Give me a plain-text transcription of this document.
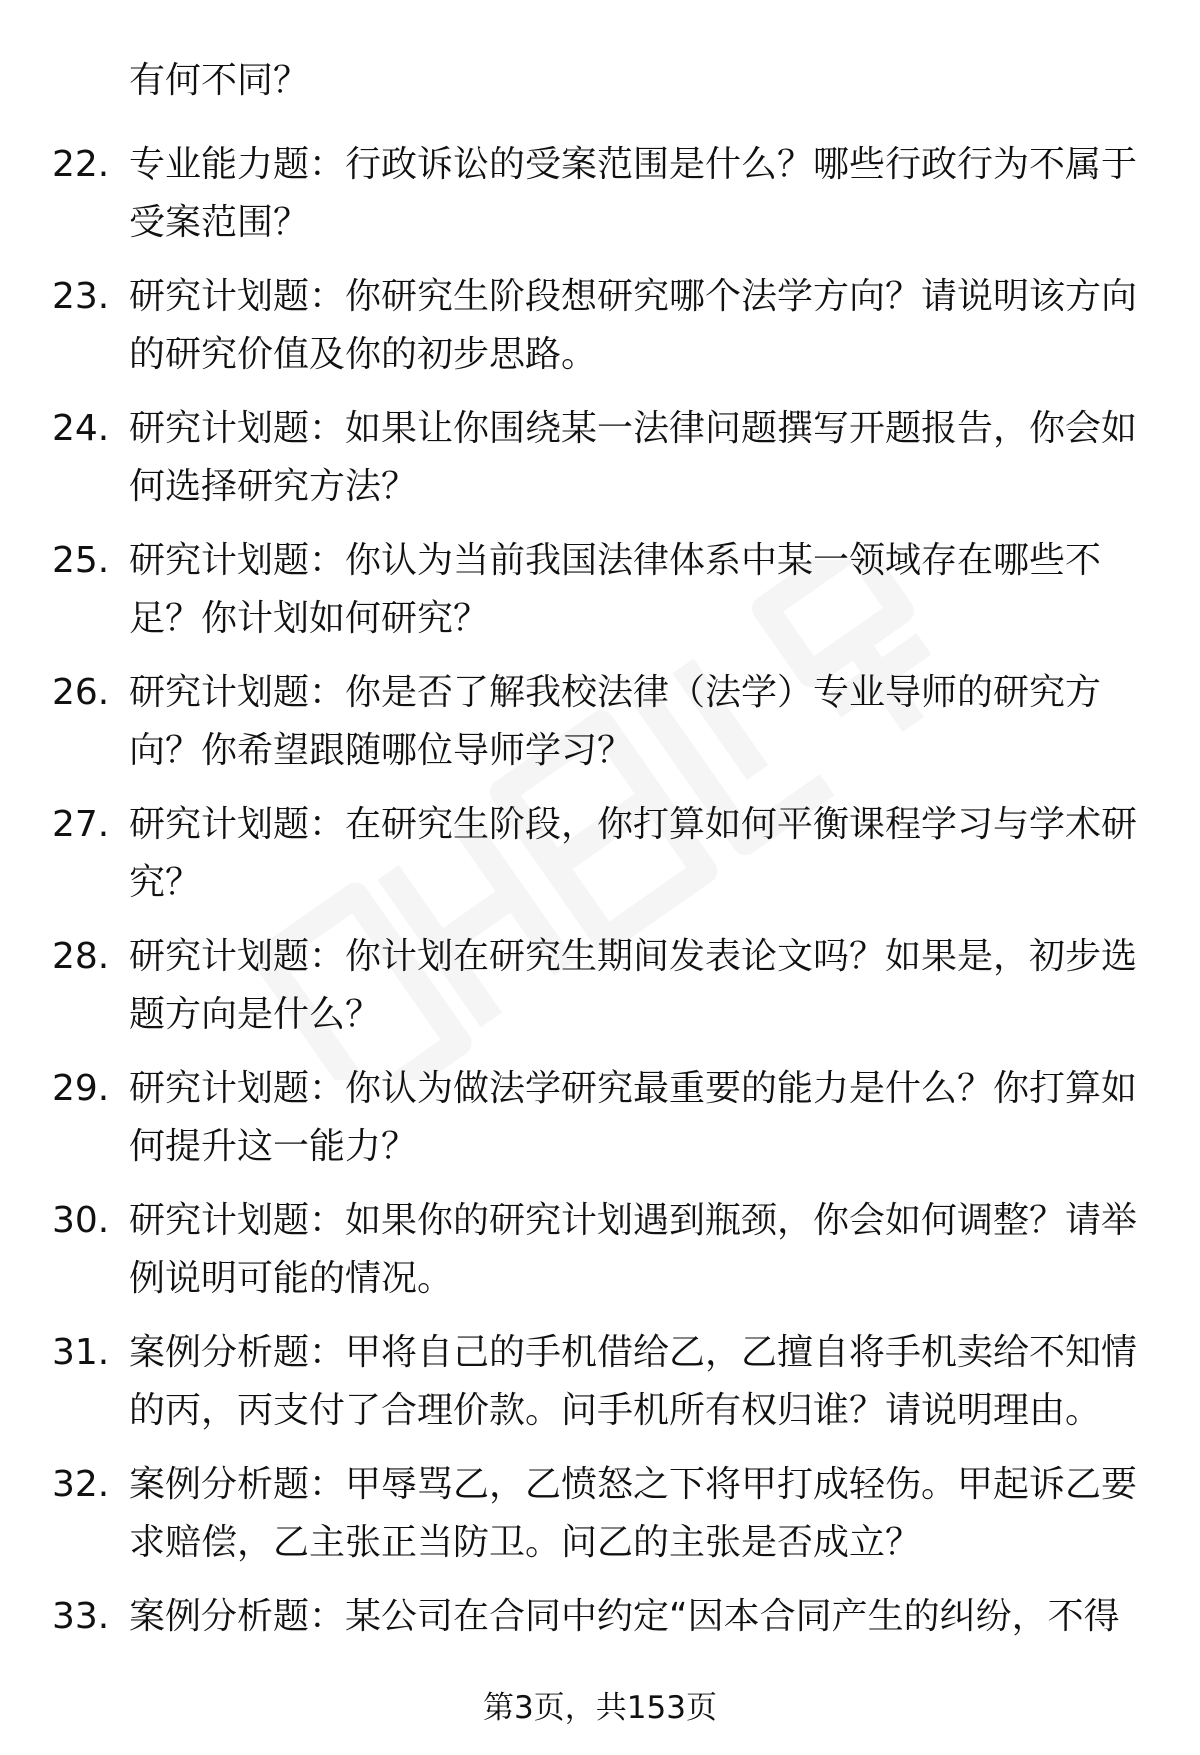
有何不同？
22. 专业能力题：行政诉讼的受案范围是什么？哪些行政行为不属于
受案范围？
23. 研究计划题：你研究生阶段想研究哪个法学方向？请说明该方向
的研究价值及你的初步思路。
24. 研究计划题：如果让你围绕某一法律问题撰写开题报告，你会如
何选择研究方法？
25. 研究计划题：你认为当前我国法律体系中某一领域存在哪些不
足？你计划如何研究？
26. 研究计划题：你是否了解我校法律（法学）专业导师的研究方
向？你希望跟随哪位导师学习？
27. 研究计划题：在研究生阶段，你打算如何平衡课程学习与学术研
究？
28. 研究计划题：你计划在研究生期间发表论文吗？如果是，初步选
题方向是什么？
29. 研究计划题：你认为做法学研究最重要的能力是什么？你打算如
何提升这一能力？
30. 研究计划题：如果你的研究计划遇到瓶颈，你会如何调整？请举
例说明可能的情况。
31. 案例分析题：甲将自己的手机借给乙，乙擅自将手机卖给不知情
的丙，丙支付了合理价款。问手机所有权归谁？请说明理由。
32. 案例分析题：甲辱骂乙，乙愤怒之下将甲打成轻伤。甲起诉乙要
求赔偿，乙主张正当防卫。问乙的主张是否成立？
33. 案例分析题：某公司在合同中约定“因本合同产生的纠纷，不得
第3页，共153页
